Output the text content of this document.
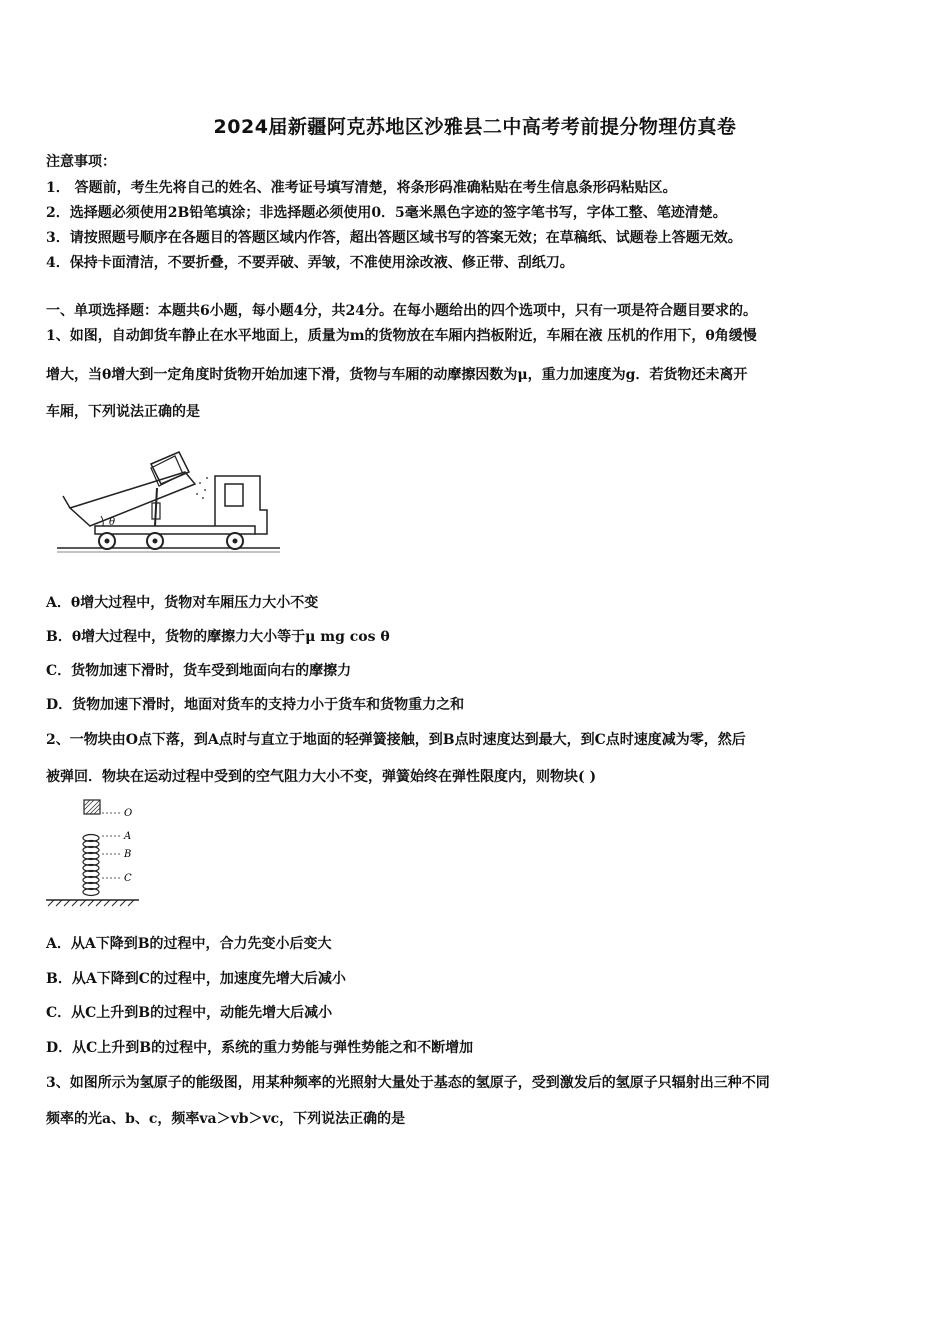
2024届新疆阿克苏地区沙雅县二中高考考前提分物理仿真卷
注意事项：
1． 答题前，考生先将自己的姓名、准考证号填写清楚，将条形码准确粘贴在考生信息条形码粘贴区。
2．选择题必须使用2B铅笔填涂；非选择题必须使用0．5毫米黑色字迹的签字笔书写，字体工整、笔迹清楚。
3．请按照题号顺序在各题目的答题区域内作答，超出答题区域书写的答案无效；在草稿纸、试题卷上答题无效。
4．保持卡面清洁，不要折叠，不要弄破、弄皱，不准使用涂改液、修正带、刮纸刀。
一、单项选择题：本题共6小题，每小题4分，共24分。在每小题给出的四个选项中，只有一项是符合题目要求的。
1、如图，自动卸货车静止在水平地面上，质量为m的货物放在车厢内挡板附近，车厢在液 压机的作用下，θ角缓慢
增大，当θ增大到一定角度时货物开始加速下滑，货物与车厢的动摩擦因数为μ，重力加速度为g．若货物还未离开
车厢，下列说法正确的是
θ
A．θ增大过程中，货物对车厢压力大小不变
B．θ增大过程中，货物的摩擦力大小等于μ mg cos θ
C．货物加速下滑时，货车受到地面向右的摩擦力
D．货物加速下滑时，地面对货车的支持力小于货车和货物重力之和
2、一物块由O点下落，到A点时与直立于地面的轻弹簧接触，到B点时速度达到最大，到C点时速度减为零，然后
被弹回．物块在运动过程中受到的空气阻力大小不变，弹簧始终在弹性限度内，则物块( )
O
A
B
C
A．从A下降到B的过程中，合力先变小后变大
B．从A下降到C的过程中，加速度先增大后减小
C．从C上升到B的过程中，动能先增大后减小
D．从C上升到B的过程中，系统的重力势能与弹性势能之和不断增加
3、如图所示为氢原子的能级图，用某种频率的光照射大量处于基态的氢原子，受到激发后的氢原子只辐射出三种不同
频率的光a、b、c，频率va＞vb＞vc，下列说法正确的是
